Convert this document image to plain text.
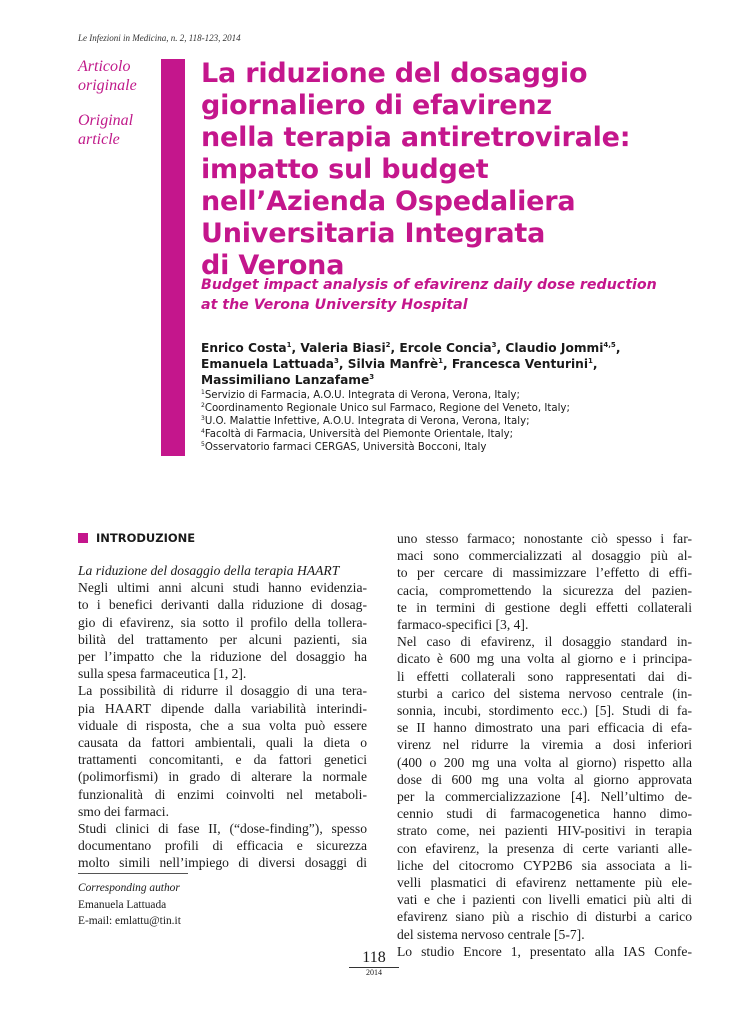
Le Infezioni in Medicina, n. 2, 118-123, 2014
Articolo
originale
Original
article
La riduzione del dosaggio
giornaliero di efavirenz
nella terapia antiretrovirale:
impatto sul budget
nell’Azienda Ospedaliera
Universitaria Integrata
di Verona
Budget impact analysis of efavirenz daily dose reduction
at the Verona University Hospital
Enrico Costa$^1$, Valeria Biasi$^2$, Ercole Concia$^3$, Claudio Jommi$^{4,5}$,
Emanuela Lattuada$^3$, Silvia Manfrè$^1$, Francesca Venturini$^1$,
Massimiliano Lanzafame$^3$
$^1$Servizio di Farmacia, A.O.U. Integrata di Verona, Verona, Italy;
$^2$Coordinamento Regionale Unico sul Farmaco, Regione del Veneto, Italy;
$^3$U.O. Malattie Infettive, A.O.U. Integrata di Verona, Verona, Italy;
$^4$Facoltà di Farmacia, Università del Piemonte Orientale, Italy;
$^5$Osservatorio farmaci CERGAS, Università Bocconi, Italy
INTRODUZIONE
La riduzione del dosaggio della terapia HAART
Negli ultimi anni alcuni studi hanno evidenzia-
to i benefici derivanti dalla riduzione di dosag-
gio di efavirenz, sia sotto il profilo della tollera-
bilità del trattamento per alcuni pazienti, sia
per l’impatto che la riduzione del dosaggio ha
sulla spesa farmaceutica [1, 2].
La possibilità di ridurre il dosaggio di una tera-
pia HAART dipende dalla variabilità interindi-
viduale di risposta, che a sua volta può essere
causata da fattori ambientali, quali la dieta o
trattamenti concomitanti, e da fattori genetici
(polimorfismi) in grado di alterare la normale
funzionalità di enzimi coinvolti nel metaboli-
smo dei farmaci.
Studi clinici di fase II, (“dose-finding”), spesso
documentano profili di efficacia e sicurezza
molto simili nell’impiego di diversi dosaggi di
uno stesso farmaco; nonostante ciò spesso i far-
maci sono commercializzati al dosaggio più al-
to per cercare di massimizzare l’effetto di effi-
cacia, compromettendo la sicurezza del pazien-
te in termini di gestione degli effetti collaterali
farmaco-specifici [3, 4].
Nel caso di efavirenz, il dosaggio standard in-
dicato è 600 mg una volta al giorno e i principa-
li effetti collaterali sono rappresentati dai di-
sturbi a carico del sistema nervoso centrale (in-
sonnia, incubi, stordimento ecc.) [5]. Studi di fa-
se II hanno dimostrato una pari efficacia di efa-
virenz nel ridurre la viremia a dosi inferiori
(400 o 200 mg una volta al giorno) rispetto alla
dose di 600 mg una volta al giorno approvata
per la commercializzazione [4]. Nell’ultimo de-
cennio studi di farmacogenetica hanno dimo-
strato come, nei pazienti HIV-positivi in terapia
con efavirenz, la presenza di certe varianti alle-
liche del citocromo CYP2B6 sia associata a li-
velli plasmatici di efavirenz nettamente più ele-
vati e che i pazienti con livelli ematici più alti di
efavirenz siano più a rischio di disturbi a carico
del sistema nervoso centrale [5-7].
Lo studio Encore 1, presentato alla IAS Confe-
Corresponding author
Emanuela Lattuada
E-mail: emlattu@tin.it
118
2014
